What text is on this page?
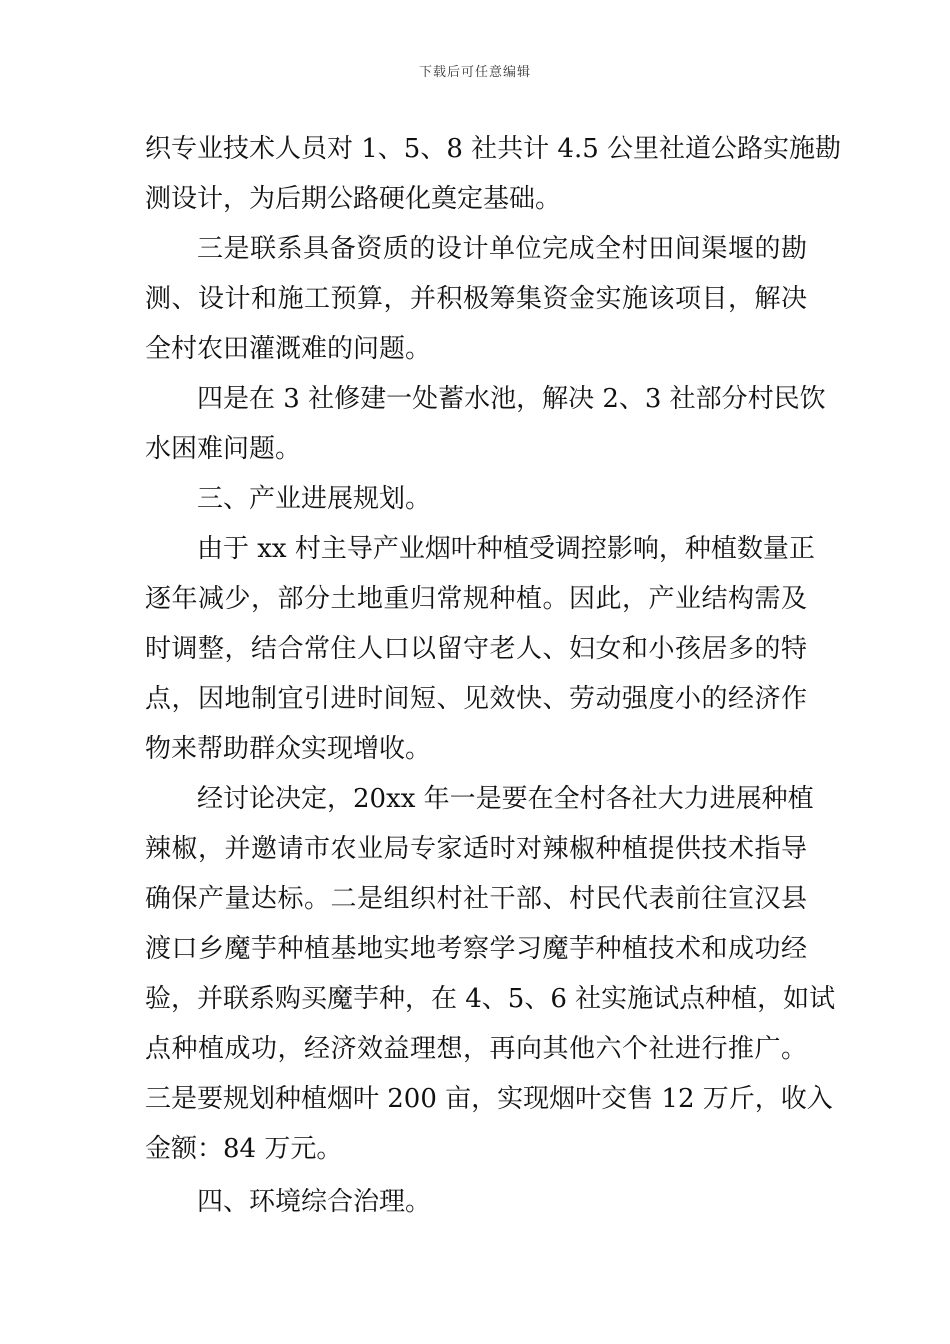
下载后可任意编辑
织专业技术人员对 1、5、8 社共计 4.5 公里社道公路实施勘
测设计，为后期公路硬化奠定基础。
三是联系具备资质的设计单位完成全村田间渠堰的勘
测、设计和施工预算，并积极筹集资金实施该项目，解决
全村农田灌溉难的问题。
四是在 3 社修建一处蓄水池，解决 2、3 社部分村民饮
水困难问题。
三、产业进展规划。
由于 xx 村主导产业烟叶种植受调控影响，种植数量正
逐年减少，部分土地重归常规种植。因此，产业结构需及
时调整，结合常住人口以留守老人、妇女和小孩居多的特
点，因地制宜引进时间短、见效快、劳动强度小的经济作
物来帮助群众实现增收。
经讨论决定，20xx 年一是要在全村各社大力进展种植
辣椒，并邀请市农业局专家适时对辣椒种植提供技术指导
确保产量达标。二是组织村社干部、村民代表前往宣汉县
渡口乡魔芋种植基地实地考察学习魔芋种植技术和成功经
验，并联系购买魔芋种，在 4、5、6 社实施试点种植，如试
点种植成功，经济效益理想，再向其他六个社进行推广。
三是要规划种植烟叶 200 亩，实现烟叶交售 12 万斤，收入
金额：84 万元。
四、环境综合治理。
